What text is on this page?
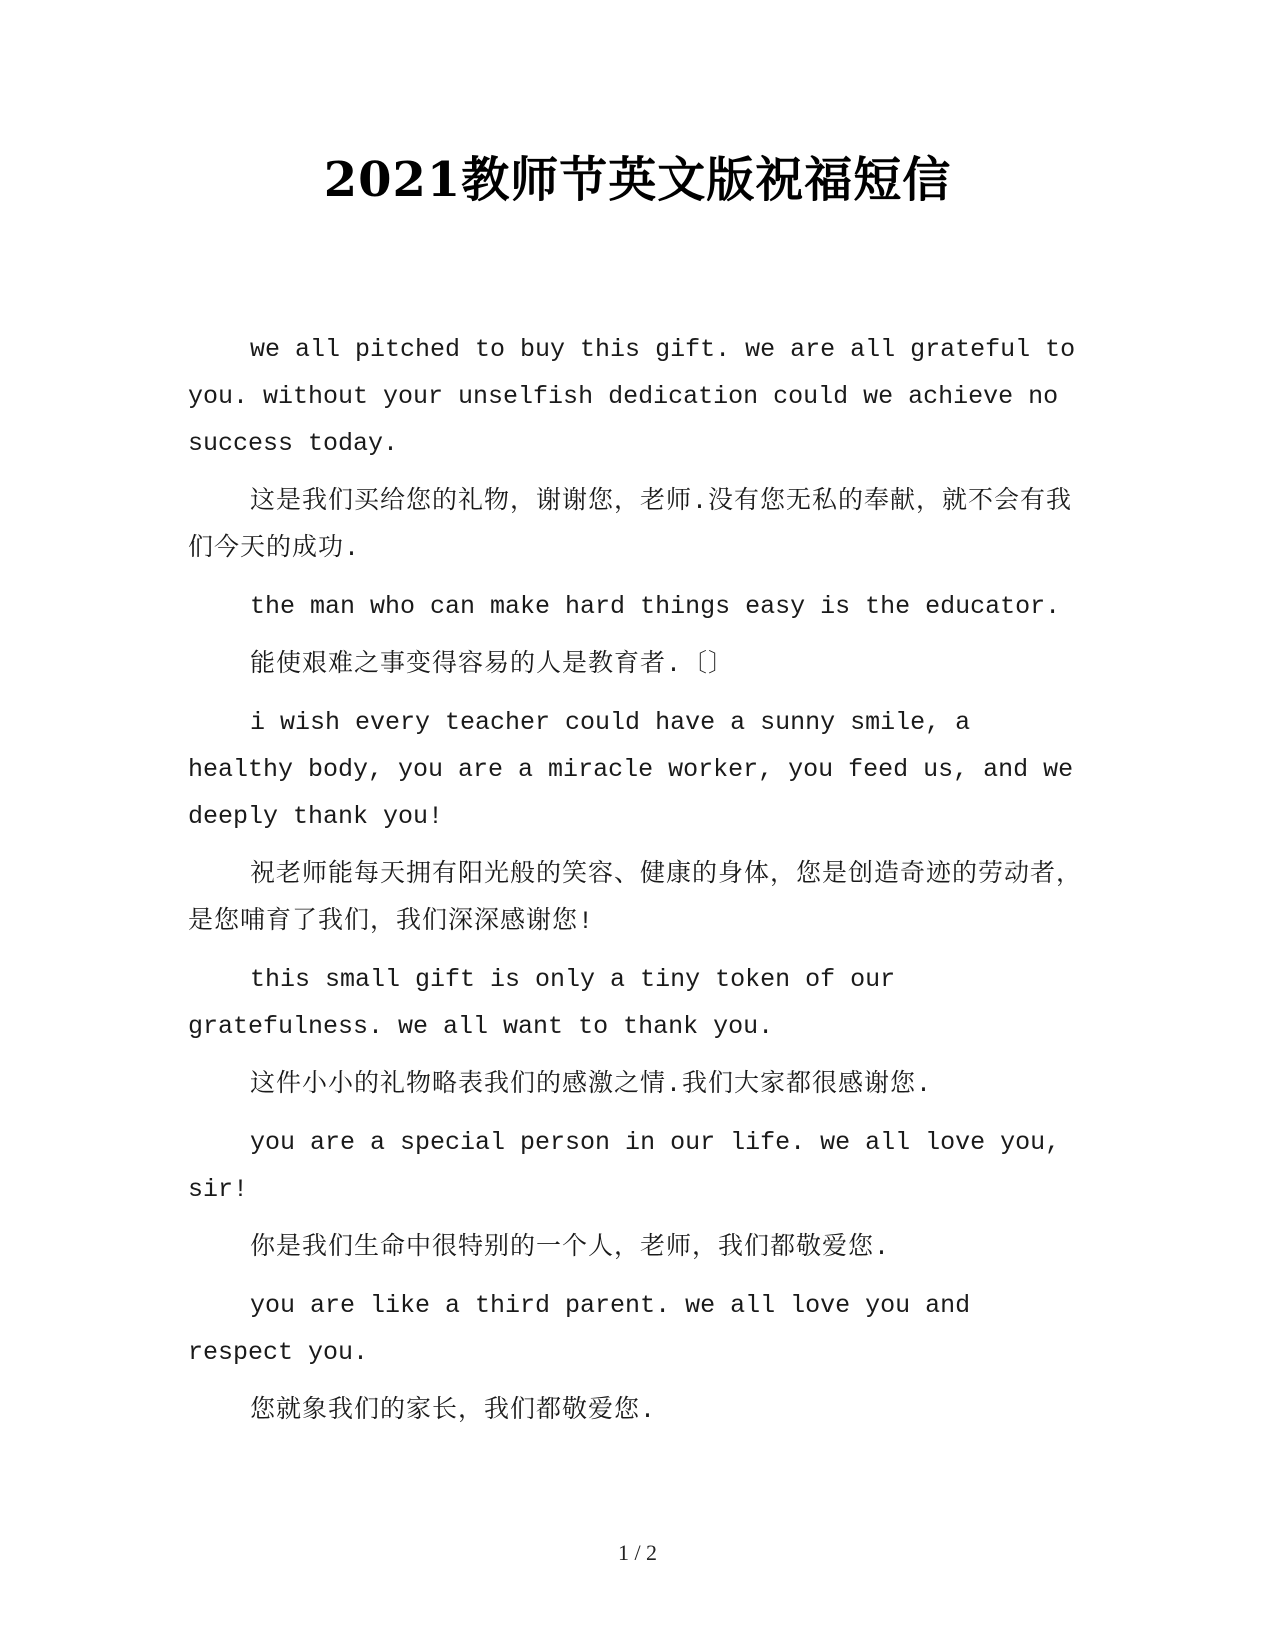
2021教师节英文版祝福短信

we all pitched to buy this gift. we are all grateful to you. without your unselfish dedication could we achieve no success today.

这是我们买给您的礼物，谢谢您，老师.没有您无私的奉献，就不会有我们今天的成功.

the man who can make hard things easy is the educator.

能使艰难之事变得容易的人是教育者.〔〕

i wish every teacher could have a sunny smile, a healthy body, you are a miracle worker, you feed us, and we deeply thank you!

祝老师能每天拥有阳光般的笑容、健康的身体，您是创造奇迹的劳动者，是您哺育了我们，我们深深感谢您!

this small gift is only a tiny token of our gratefulness. we all want to thank you.

这件小小的礼物略表我们的感激之情.我们大家都很感谢您.

you are a special person in our life. we all love you, sir!

你是我们生命中很特别的一个人，老师，我们都敬爱您.

you are like a third parent. we all love you and respect you.

您就象我们的家长，我们都敬爱您.

1 / 2
